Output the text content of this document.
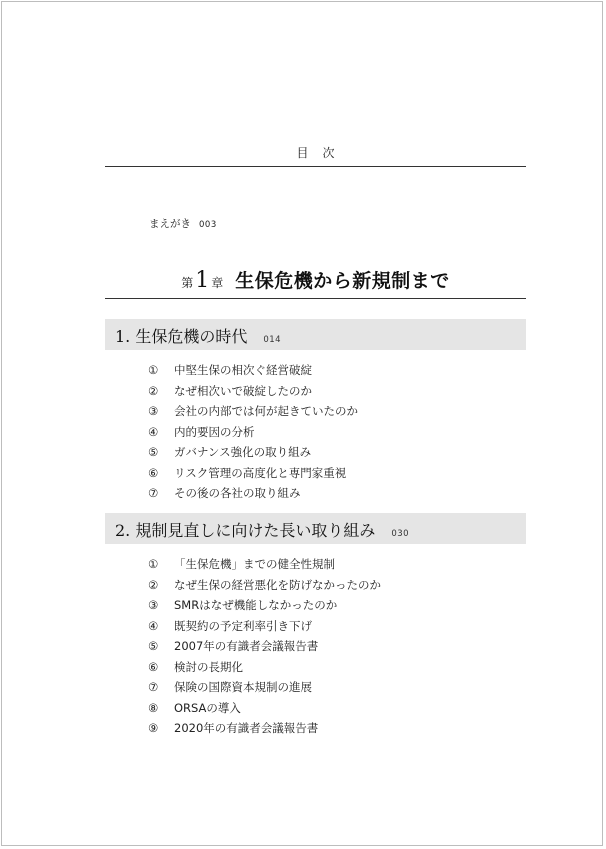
目次
まえがき 003
第1 章 生保危機から新規制まで
1. 生保危機の時代 014
① 中堅生保の相次ぐ経営破綻
② なぜ相次いで破綻したのか
③ 会社の内部では何が起きていたのか
④ 内的要因の分析
⑤ ガバナンス強化の取り組み
⑥ リスク管理の高度化と専門家重視
⑦ その後の各社の取り組み
2. 規制見直しに向けた長い取り組み 030
① 「生保危機」までの健全性規制
② なぜ生保の経営悪化を防げなかったのか
③ SMRはなぜ機能しなかったのか
④ 既契約の予定利率引き下げ
⑤ 2007年の有識者会議報告書
⑥ 検討の長期化
⑦ 保険の国際資本規制の進展
⑧ ORSAの導入
⑨ 2020年の有識者会議報告書
